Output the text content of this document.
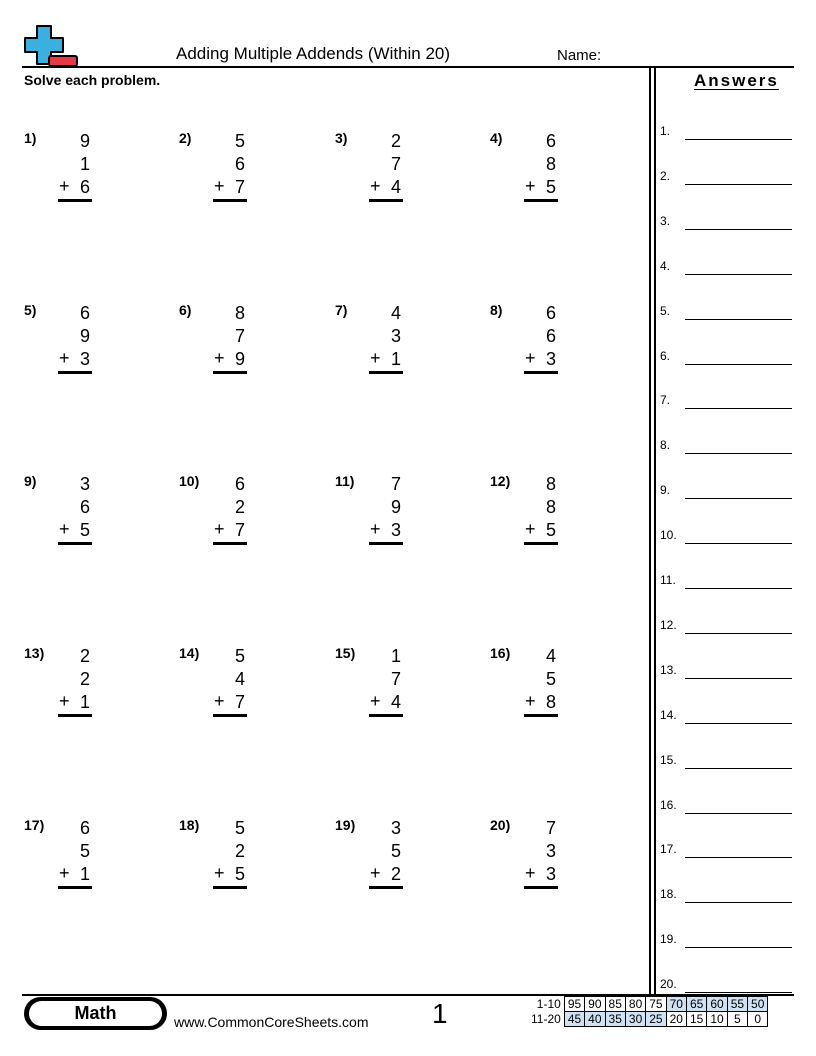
Adding Multiple Addends (Within 20)	Name:
Solve each problem.	Answers
1.
2.
3.
4.
5.
6.
7.
8.
9.
10.
11.
12.
13.
14.
15.
16.
17.
18.
19.
20.
1)	9
1
6
+
2)	5
6
7
+
3)	2
7
4
+
4)	6
8
5
+
5)	6
9
3
+
6)	8
7
9
+
7)	4
3
1
+
8)	6
6
3
+
9)	3
6
5
+
10)	6
2
7
+
11)	7
9
3
+
12)	8
8
5
+
13)	2
2
1
+
14)	5
4
7
+
15)	1
7
4
+
16)	4
5
8
+
17)	6
5
1
+
18)	5
2
5
+
19)	3
5
2
+
20)	7
3
3
+
Math	www.CommonCoreSheets.com 1	1-10	95	90	85	80	75	70	65	60	55	50
11-20	45	40	35	30	25	20	15	10	5	0
